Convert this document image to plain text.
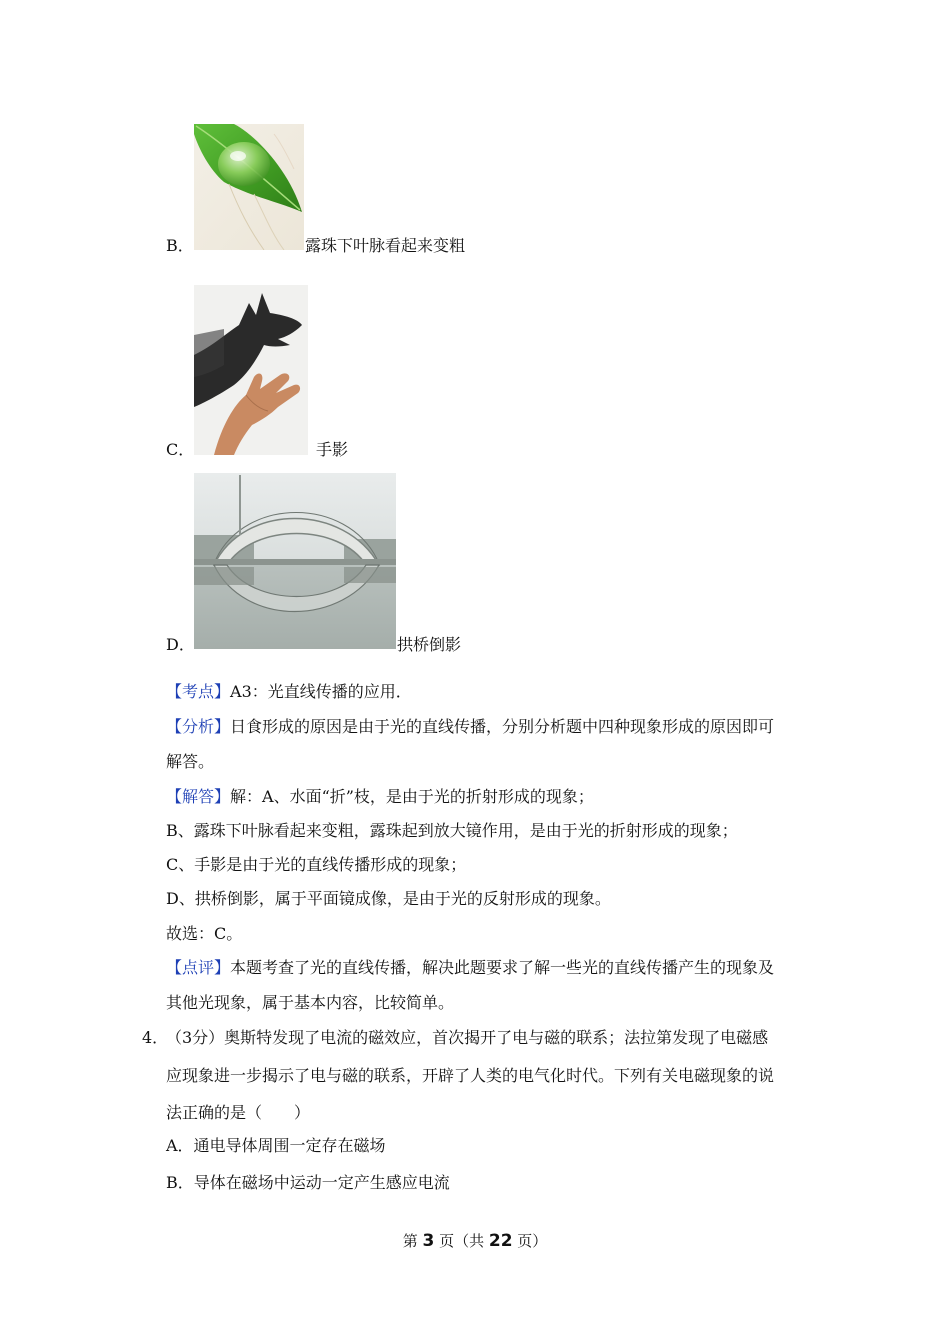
B．	露珠下叶脉看起来变粗
C．	手影
D．	拱桥倒影
【考点】A3：光直线传播的应用．
【分析】日食形成的原因是由于光的直线传播，分别分析题中四种现象形成的原因即可
解答。
【解答】解：A、水面“折”枝，是由于光的折射形成的现象；
B、露珠下叶脉看起来变粗，露珠起到放大镜作用，是由于光的折射形成的现象；
C、手影是由于光的直线传播形成的现象；
D、拱桥倒影，属于平面镜成像，是由于光的反射形成的现象。
故选：C。
【点评】本题考查了光的直线传播，解决此题要求了解一些光的直线传播产生的现象及
其他光现象，属于基本内容，比较简单。
4．
（3分）奥斯特发现了电流的磁效应，首次揭开了电与磁的联系；法拉第发现了电磁感
应现象进一步揭示了电与磁的联系，开辟了人类的电气化时代。下列有关电磁现象的说
法正确的是（　　）
A．通电导体周围一定存在磁场
B．导体在磁场中运动一定产生感应电流
第 3 页（共 22 页）
